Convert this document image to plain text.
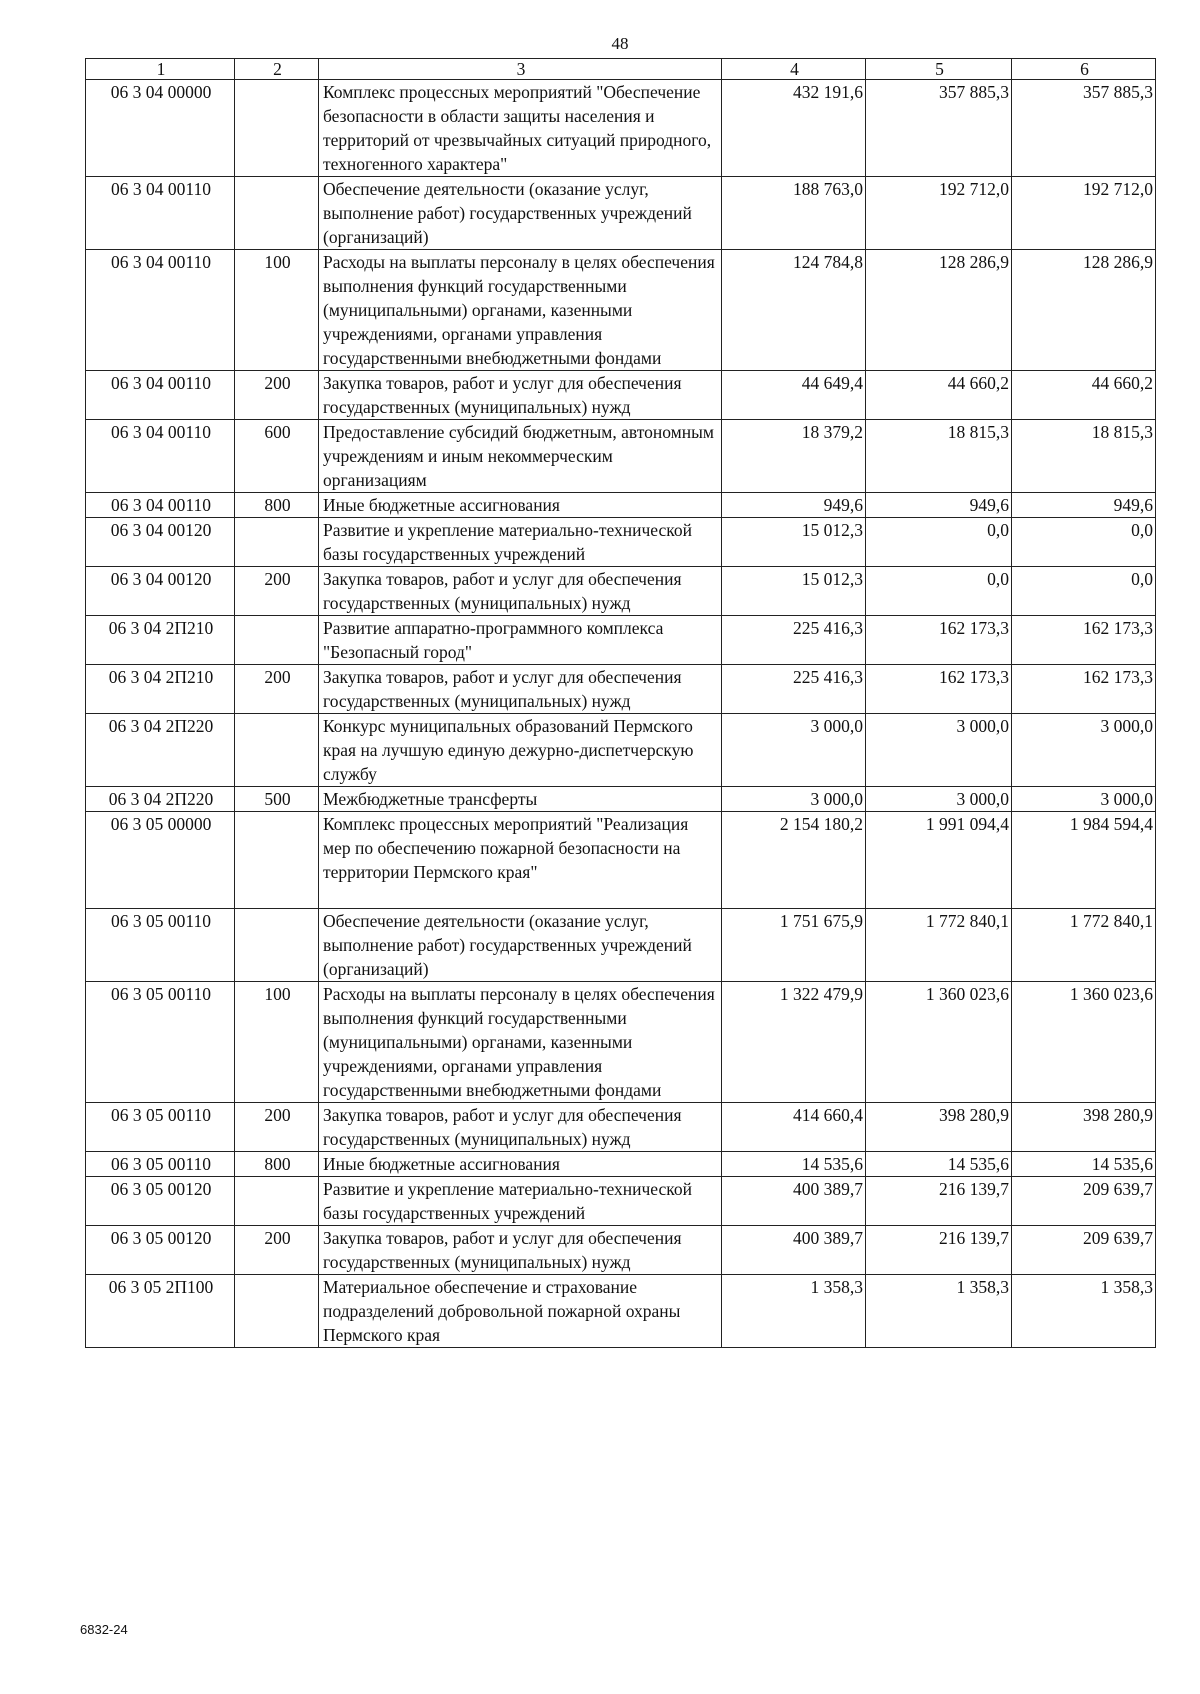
48
1	2	3	4	5	6
06 3 04 00000		Комплекс процессных мероприятий "Обеспечение безопасности в области защиты населения и территорий от чрезвычайных ситуаций природного, техногенного характера"	432 191,6	357 885,3	357 885,3
06 3 04 00110		Обеспечение деятельности (оказание услуг, выполнение работ) государственных учреждений (организаций)	188 763,0	192 712,0	192 712,0
06 3 04 00110	100	Расходы на выплаты персоналу в целях обеспечения выполнения функций государственными (муниципальными) органами, казенными учреждениями, органами управления государственными внебюджетными фондами	124 784,8	128 286,9	128 286,9
06 3 04 00110	200	Закупка товаров, работ и услуг для обеспечения государственных (муниципальных) нужд	44 649,4	44 660,2	44 660,2
06 3 04 00110	600	Предоставление субсидий бюджетным, автономным учреждениям и иным некоммерческим организациям	18 379,2	18 815,3	18 815,3
06 3 04 00110	800	Иные бюджетные ассигнования	949,6	949,6	949,6
06 3 04 00120		Развитие и укрепление материально-технической базы государственных учреждений	15 012,3	0,0	0,0
06 3 04 00120	200	Закупка товаров, работ и услуг для обеспечения государственных (муниципальных) нужд	15 012,3	0,0	0,0
06 3 04 2П210		Развитие аппаратно-программного комплекса "Безопасный город"	225 416,3	162 173,3	162 173,3
06 3 04 2П210	200	Закупка товаров, работ и услуг для обеспечения государственных (муниципальных) нужд	225 416,3	162 173,3	162 173,3
06 3 04 2П220		Конкурс муниципальных образований Пермского края на лучшую единую дежурно-диспетчерскую службу	3 000,0	3 000,0	3 000,0
06 3 04 2П220	500	Межбюджетные трансферты	3 000,0	3 000,0	3 000,0
06 3 05 00000		Комплекс процессных мероприятий "Реализация мер по обеспечению пожарной безопасности на территории Пермского края"	2 154 180,2	1 991 094,4	1 984 594,4
06 3 05 00110		Обеспечение деятельности (оказание услуг, выполнение работ) государственных учреждений (организаций)	1 751 675,9	1 772 840,1	1 772 840,1
06 3 05 00110	100	Расходы на выплаты персоналу в целях обеспечения выполнения функций государственными (муниципальными) органами, казенными учреждениями, органами управления государственными внебюджетными фондами	1 322 479,9	1 360 023,6	1 360 023,6
06 3 05 00110	200	Закупка товаров, работ и услуг для обеспечения государственных (муниципальных) нужд	414 660,4	398 280,9	398 280,9
06 3 05 00110	800	Иные бюджетные ассигнования	14 535,6	14 535,6	14 535,6
06 3 05 00120		Развитие и укрепление материально-технической базы государственных учреждений	400 389,7	216 139,7	209 639,7
06 3 05 00120	200	Закупка товаров, работ и услуг для обеспечения государственных (муниципальных) нужд	400 389,7	216 139,7	209 639,7
06 3 05 2П100		Материальное обеспечение и страхование подразделений добровольной пожарной охраны Пермского края	1 358,3	1 358,3	1 358,3
6832-24
